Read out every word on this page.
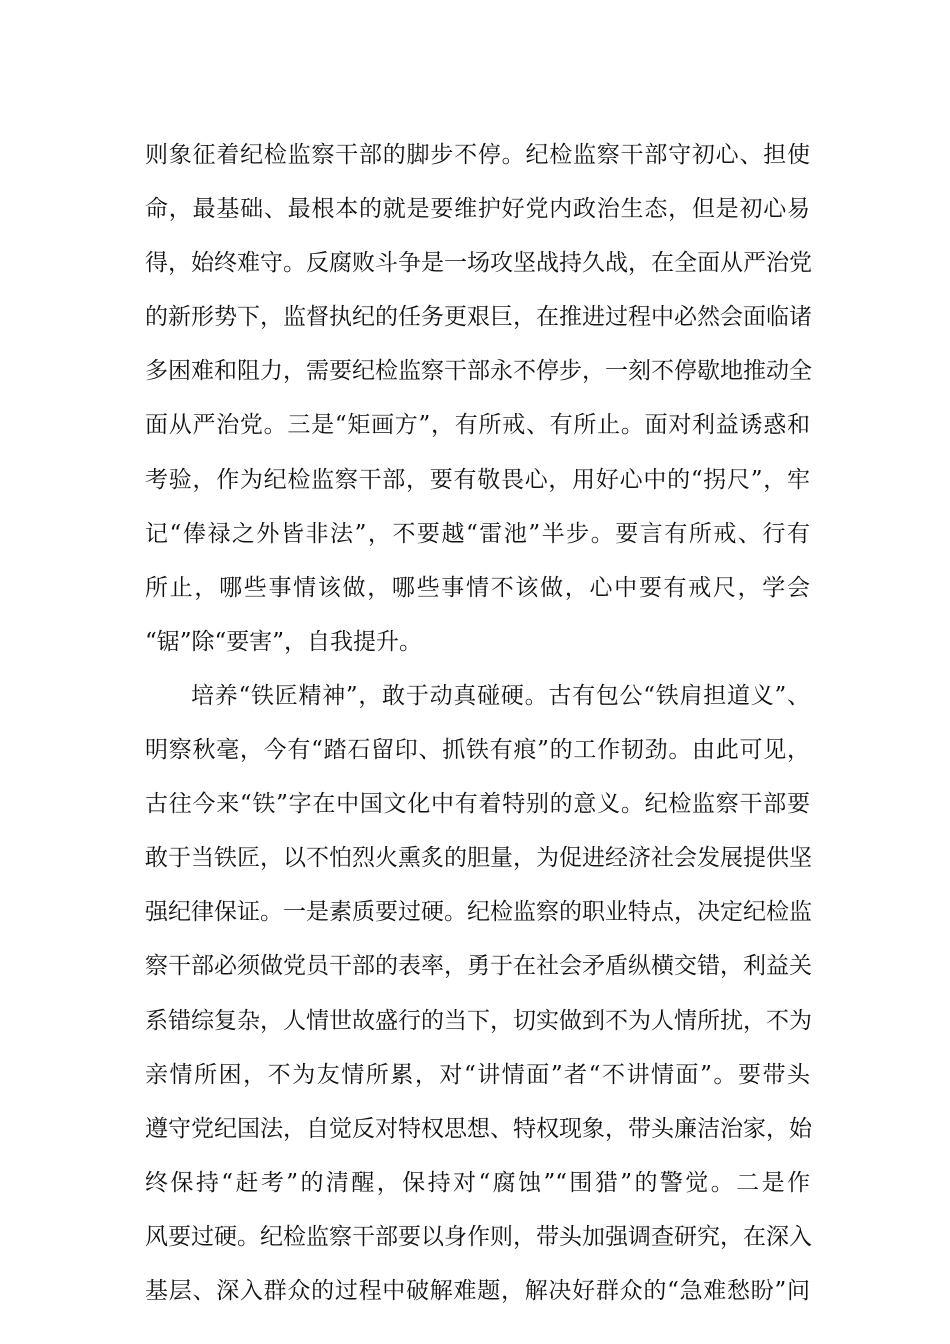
则象征着纪检监察干部的脚步不停。纪检监察干部守初心、担使
命，最基础、最根本的就是要维护好党内政治生态，但是初心易
得，始终难守。反腐败斗争是一场攻坚战持久战，在全面从严治党
的新形势下，监督执纪的任务更艰巨，在推进过程中必然会面临诸
多困难和阻力，需要纪检监察干部永不停步，一刻不停歇地推动全
面从严治党。三是“矩画方”，有所戒、有所止。面对利益诱惑和
考验，作为纪检监察干部，要有敬畏心，用好心中的“拐尺”，牢
记“俸禄之外皆非法”，不要越“雷池”半步。要言有所戒、行有
所止，哪些事情该做，哪些事情不该做，心中要有戒尺，学会
“锯”除“要害”，自我提升。
培养“铁匠精神”，敢于动真碰硬。古有包公“铁肩担道义”、
明察秋毫，今有“踏石留印、抓铁有痕”的工作韧劲。由此可见，
古往今来“铁”字在中国文化中有着特别的意义。纪检监察干部要
敢于当铁匠，以不怕烈火熏炙的胆量，为促进经济社会发展提供坚
强纪律保证。一是素质要过硬。纪检监察的职业特点，决定纪检监
察干部必须做党员干部的表率，勇于在社会矛盾纵横交错，利益关
系错综复杂，人情世故盛行的当下，切实做到不为人情所扰，不为
亲情所困，不为友情所累，对“讲情面”者“不讲情面”。要带头
遵守党纪国法，自觉反对特权思想、特权现象，带头廉洁治家，始
终保持“赶考”的清醒，保持对“腐蚀”“围猎”的警觉。二是作
风要过硬。纪检监察干部要以身作则，带头加强调查研究，在深入
基层、深入群众的过程中破解难题，解决好群众的“急难愁盼”问
